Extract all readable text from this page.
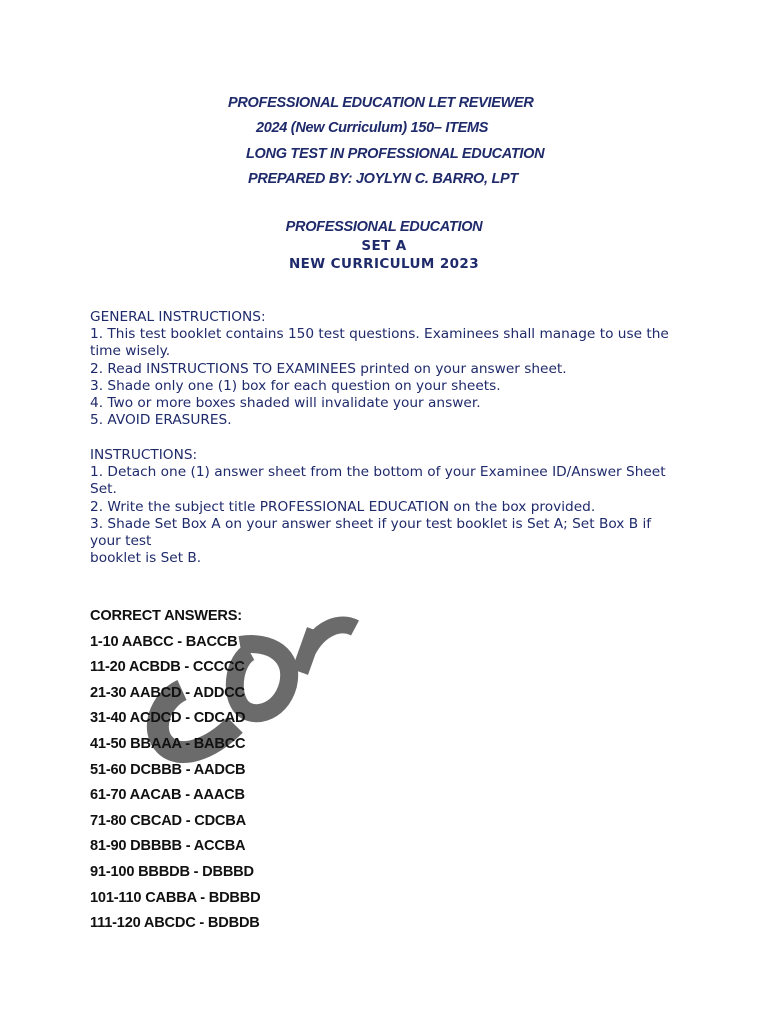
PROFESSIONAL EDUCATION LET REVIEWER
2024 (New Curriculum) 150– ITEMS
LONG TEST IN PROFESSIONAL EDUCATION
PREPARED BY: JOYLYN C. BARRO, LPT
PROFESSIONAL EDUCATION
SET A
NEW CURRICULUM 2023
GENERAL INSTRUCTIONS:
1. This test booklet contains 150 test questions. Examinees shall manage to use the time wisely.
2. Read INSTRUCTIONS TO EXAMINEES printed on your answer sheet.
3. Shade only one (1) box for each question on your sheets.
4. Two or more boxes shaded will invalidate your answer.
5. AVOID ERASURES.
INSTRUCTIONS:
1. Detach one (1) answer sheet from the bottom of your Examinee ID/Answer Sheet Set.
2. Write the subject title PROFESSIONAL EDUCATION on the box provided.
3. Shade Set Box A on your answer sheet if your test booklet is Set A; Set Box B if your test
booklet is Set B.
CORRECT ANSWERS:
1-10 AABCC - BACCB
11-20 ACBDB - CCCCC
21-30 AABCD - ADDCC
31-40 ACDCD - CDCAD
41-50 BBAAA - BABCC
51-60 DCBBB - AADCB
61-70 AACAB - AAACB
71-80 CBCAD - CDCBA
81-90 DBBBB - ACCBA
91-100 BBBDB - DBBBD
101-110 CABBA - BDBBD
111-120 ABCDC - BDBDB
